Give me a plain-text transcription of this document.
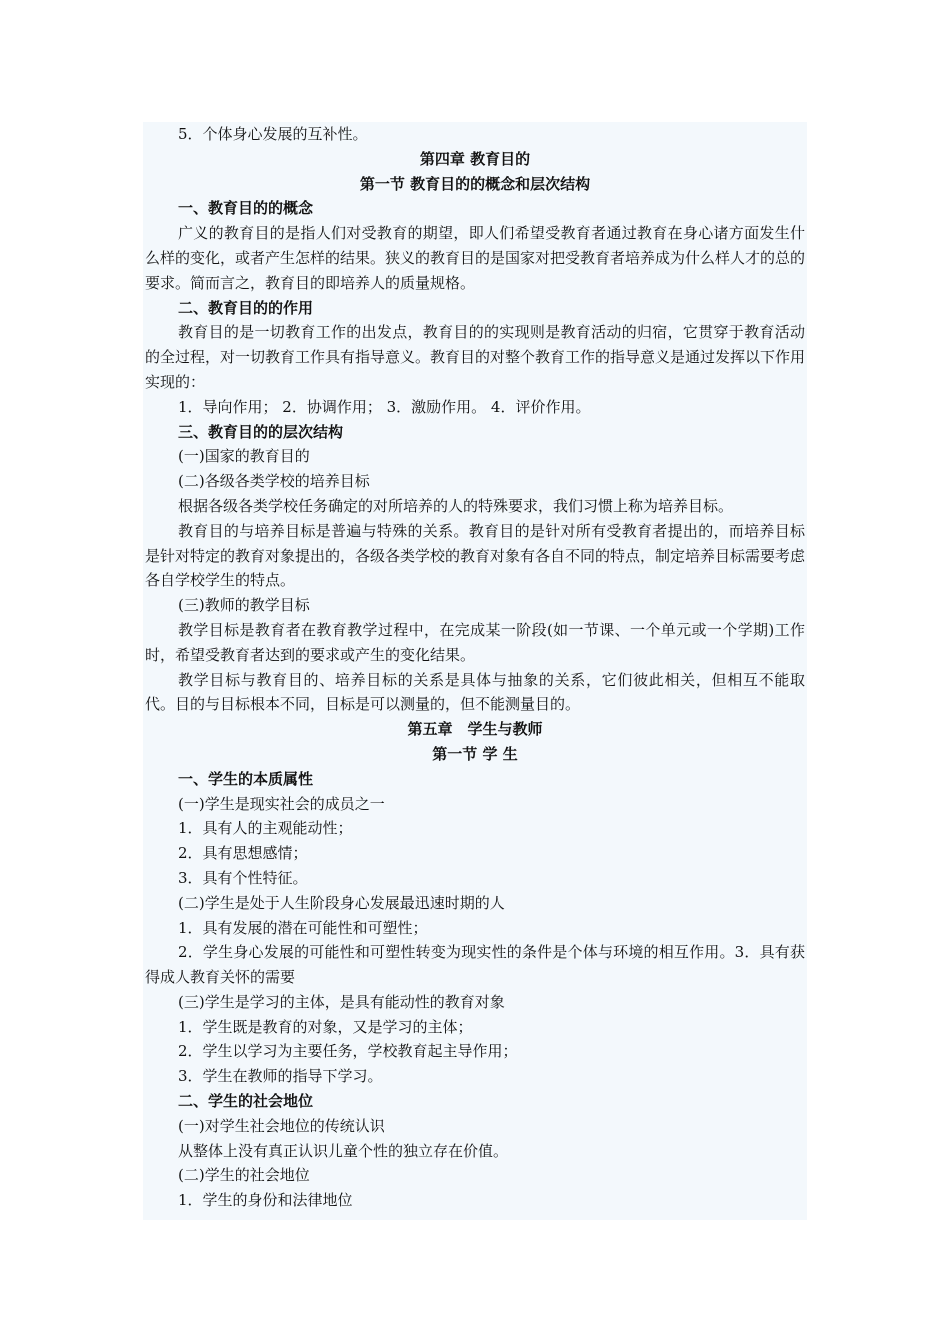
5．个体身心发展的互补性。
第四章 教育目的
第一节 教育目的的概念和层次结构
一、教育目的的概念
广义的教育目的是指人们对受教育的期望，即人们希望受教育者通过教育在身心诸方面发生什么样的变化，或者产生怎样的结果。狭义的教育目的是国家对把受教育者培养成为什么样人才的总的要求。简而言之，教育目的即培养人的质量规格。
二、教育目的的作用
教育目的是一切教育工作的出发点，教育目的的实现则是教育活动的归宿，它贯穿于教育活动的全过程，对一切教育工作具有指导意义。教育目的对整个教育工作的指导意义是通过发挥以下作用实现的：
1．导向作用； 2．协调作用； 3．激励作用。 4．评价作用。
三、教育目的的层次结构
(一)国家的教育目的
(二)各级各类学校的培养目标
根据各级各类学校任务确定的对所培养的人的特殊要求，我们习惯上称为培养目标。
教育目的与培养目标是普遍与特殊的关系。教育目的是针对所有受教育者提出的，而培养目标是针对特定的教育对象提出的，各级各类学校的教育对象有各自不同的特点，制定培养目标需要考虑各自学校学生的特点。
(三)教师的教学目标
教学目标是教育者在教育教学过程中，在完成某一阶段(如一节课、一个单元或一个学期)工作时，希望受教育者达到的要求或产生的变化结果。
教学目标与教育目的、培养目标的关系是具体与抽象的关系，它们彼此相关，但相互不能取代。目的与目标根本不同，目标是可以测量的，但不能测量目的。
第五章　学生与教师
第一节 学 生
一、学生的本质属性
(一)学生是现实社会的成员之一
1．具有人的主观能动性；
2．具有思想感情；
3．具有个性特征。
(二)学生是处于人生阶段身心发展最迅速时期的人
1．具有发展的潜在可能性和可塑性；
2．学生身心发展的可能性和可塑性转变为现实性的条件是个体与环境的相互作用。3．具有获得成人教育关怀的需要
(三)学生是学习的主体，是具有能动性的教育对象
1．学生既是教育的对象，又是学习的主体；
2．学生以学习为主要任务，学校教育起主导作用；
3．学生在教师的指导下学习。
二、学生的社会地位
(一)对学生社会地位的传统认识
从整体上没有真正认识儿童个性的独立存在价值。
(二)学生的社会地位
1．学生的身份和法律地位
